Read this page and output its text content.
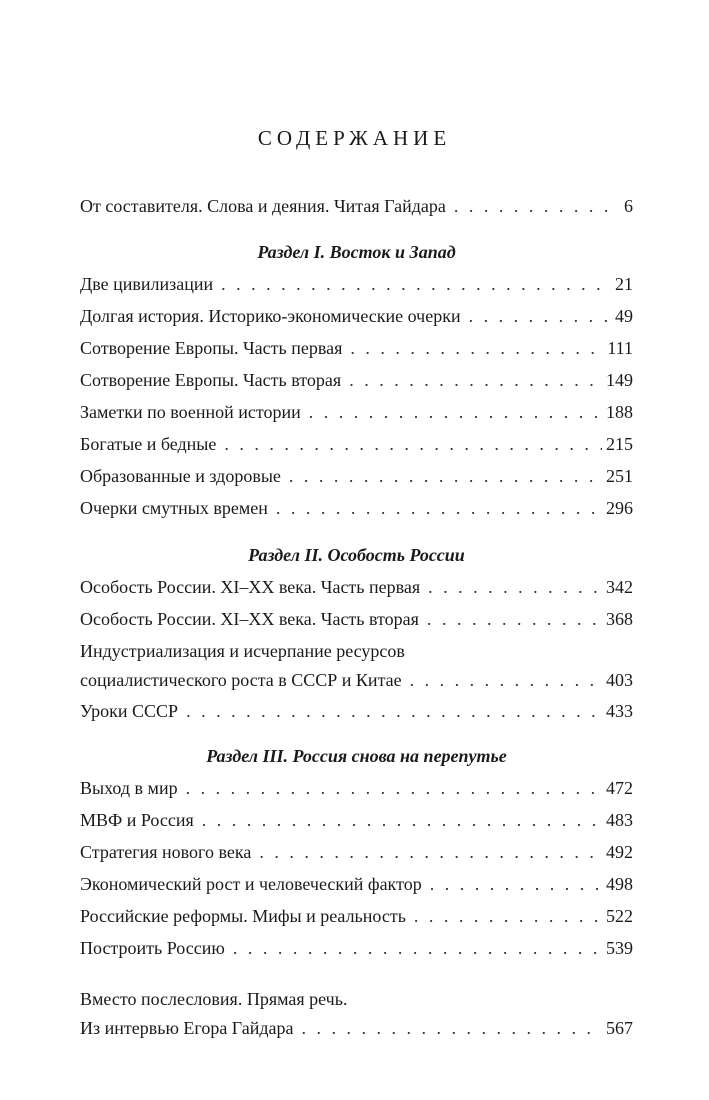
СОДЕРЖАНИЕ
От составителя. Слова и деяния. Читая Гайдара . . .	6
Раздел I. Восток и Запад
Две цивилизации . . .	21
Долгая история. Историко-экономические очерки . . .	49
Сотворение Европы. Часть первая . . .	111
Сотворение Европы. Часть вторая . . .	149
Заметки по военной истории . . .	188
Богатые и бедные . . .	215
Образованные и здоровые . . .	251
Очерки смутных времен . . .	296
Раздел II. Особость России
Особость России. XI–XX века. Часть первая . . .	342
Особость России. XI–XX века. Часть вторая . . .	368
Индустриализация и исчерпание ресурсов
социалистического роста в СССР и Китае . . .	403
Уроки СССР . . .	433
Раздел III. Россия снова на перепутье
Выход в мир . . .	472
МВФ и Россия . . .	483
Стратегия нового века . . .	492
Экономический рост и человеческий фактор . . .	498
Российские реформы. Мифы и реальность . . .	522
Построить Россию . . .	539
Вместо послесловия. Прямая речь.
Из интервью Егора Гайдара . . .	567
